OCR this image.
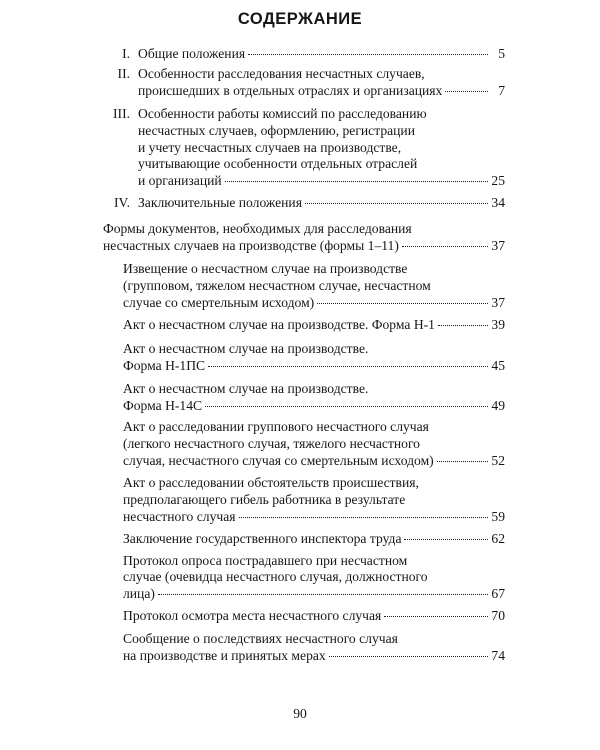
СОДЕРЖАНИЕ
I. Общие положения	5
II. Особенности расследования несчастных случаев,
происшедших в отдельных отраслях и организациях	7
III. Особенности работы комиссий по расследованию
несчастных случаев, оформлению, регистрации
и учету несчастных случаев на производстве,
учитывающие особенности отдельных отраслей
и организаций	25
IV. Заключительные положения	34
Формы документов, необходимых для расследования
несчастных случаев на производстве (формы 1–11)	37
Извещение о несчастном случае на производстве
(групповом, тяжелом несчастном случае, несчастном
случае со смертельным исходом)	37
Акт о несчастном случае на производстве. Форма Н-1	39
Акт о несчастном случае на производстве.
Форма Н-1ПС	45
Акт о несчастном случае на производстве.
Форма Н-14С	49
Акт о расследовании группового несчастного случая
(легкого несчастного случая, тяжелого несчастного
случая, несчастного случая со смертельным исходом)	52
Акт о расследовании обстоятельств происшествия,
предполагающего гибель работника в результате
несчастного случая	59
Заключение государственного инспектора труда	62
Протокол опроса пострадавшего при несчастном
случае (очевидца несчастного случая, должностного
лица)	67
Протокол осмотра места несчастного случая	70
Сообщение о последствиях несчастного случая
на производстве и принятых мерах	74
90
